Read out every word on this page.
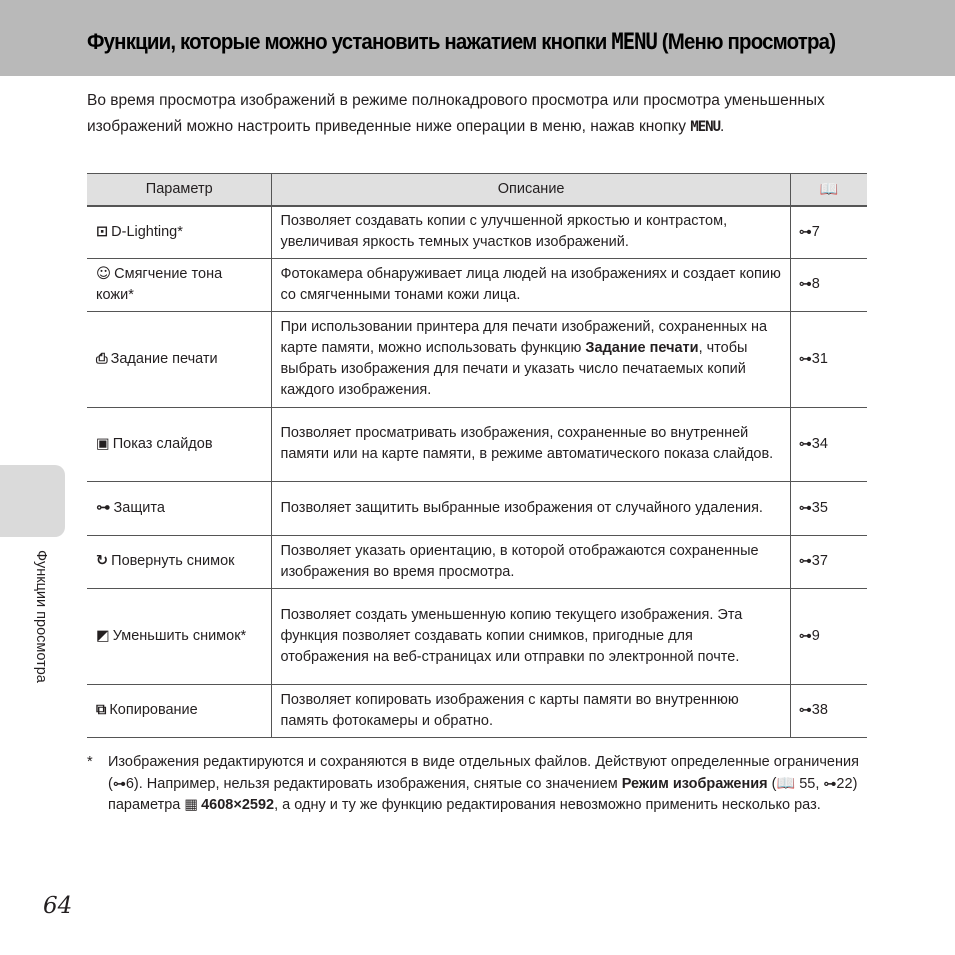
Функции, которые можно установить нажатием кнопки MENU (Меню просмотра)

Во время просмотра изображений в режиме полнокадрового просмотра или просмотра уменьшенных изображений можно настроить приведенные ниже операции в меню, нажав кнопку MENU.

Функции просмотра
Параметр	Описание	📖
⊡ D-Lighting*	Позволяет создавать копии с улучшенной яркостью и контрастом, увеличивая яркость темных участков изображений.	⊶7
☺ Смягчение тона кожи*	Фотокамера обнаруживает лица людей на изображениях и создает копию со смягченными тонами кожи лица.	⊶8
⎙ Задание печати	При использовании принтера для печати изображений, сохраненных на карте памяти, можно использовать функцию Задание печати, чтобы выбрать изображения для печати и указать число печатаемых копий каждого изображения.	⊶31
▣ Показ слайдов	Позволяет просматривать изображения, сохраненные во внутренней памяти или на карте памяти, в режиме автоматического показа слайдов.	⊶34
⊶ Защита	Позволяет защитить выбранные изображения от случайного удаления.	⊶35
↻ Повернуть снимок	Позволяет указать ориентацию, в которой отображаются сохраненные изображения во время просмотра.	⊶37
◩ Уменьшить снимок*	Позволяет создать уменьшенную копию текущего изображения. Эта функция позволяет создавать копии снимков, пригодные для отображения на веб-страницах или отправки по электронной почте.	⊶9
⧉ Копирование	Позволяет копировать изображения с карты памяти во внутреннюю память фотокамеры и обратно.	⊶38
* Изображения редактируются и сохраняются в виде отдельных файлов. Действуют определенные ограничения (⊶6). Например, нельзя редактировать изображения, снятые со значением Режим изображения (📖 55, ⊶22) параметра ▦ 4608×2592, а одну и ту же функцию редактирования невозможно применить несколько раз.
64
